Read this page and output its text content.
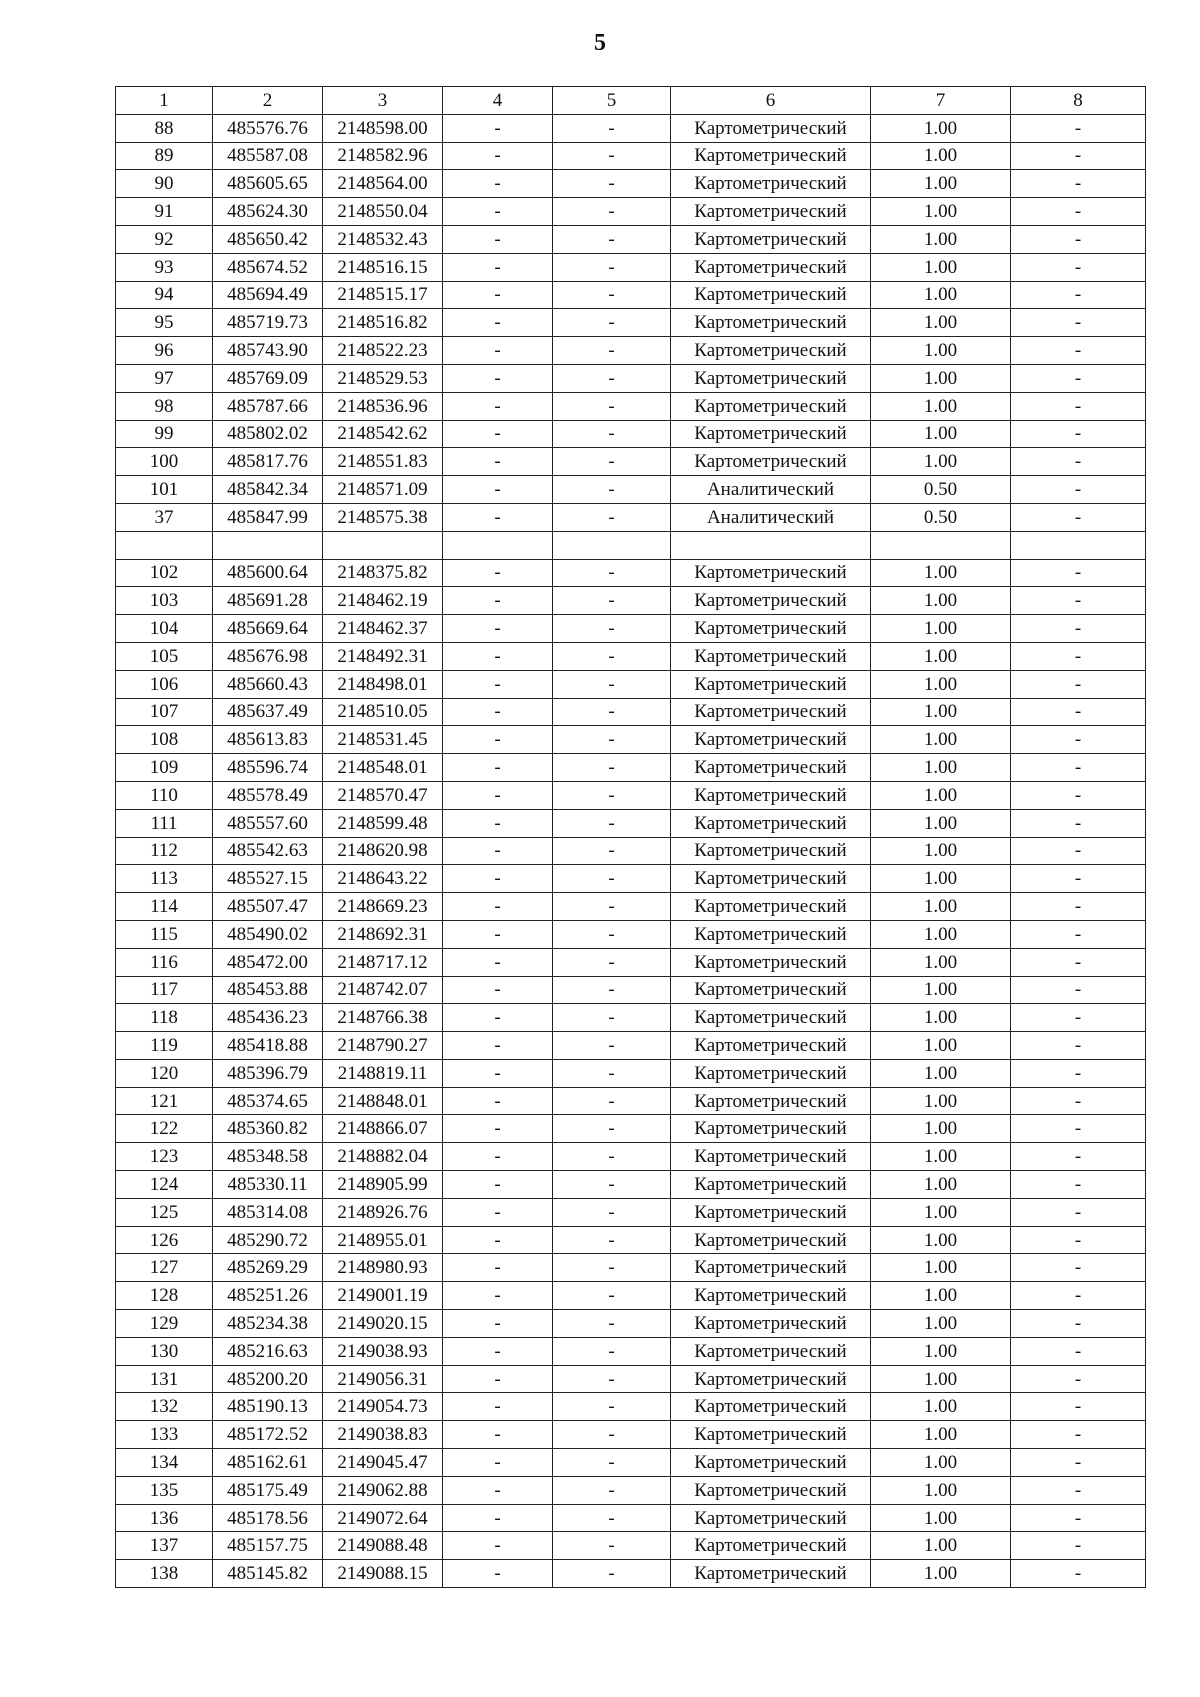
5
1	2	3	4	5	6	7	8
88	485576.76	2148598.00	-	-	Картометрический	1.00	-
89	485587.08	2148582.96	-	-	Картометрический	1.00	-
90	485605.65	2148564.00	-	-	Картометрический	1.00	-
91	485624.30	2148550.04	-	-	Картометрический	1.00	-
92	485650.42	2148532.43	-	-	Картометрический	1.00	-
93	485674.52	2148516.15	-	-	Картометрический	1.00	-
94	485694.49	2148515.17	-	-	Картометрический	1.00	-
95	485719.73	2148516.82	-	-	Картометрический	1.00	-
96	485743.90	2148522.23	-	-	Картометрический	1.00	-
97	485769.09	2148529.53	-	-	Картометрический	1.00	-
98	485787.66	2148536.96	-	-	Картометрический	1.00	-
99	485802.02	2148542.62	-	-	Картометрический	1.00	-
100	485817.76	2148551.83	-	-	Картометрический	1.00	-
101	485842.34	2148571.09	-	-	Аналитический	0.50	-
37	485847.99	2148575.38	-	-	Аналитический	0.50	-

102	485600.64	2148375.82	-	-	Картометрический	1.00	-
103	485691.28	2148462.19	-	-	Картометрический	1.00	-
104	485669.64	2148462.37	-	-	Картометрический	1.00	-
105	485676.98	2148492.31	-	-	Картометрический	1.00	-
106	485660.43	2148498.01	-	-	Картометрический	1.00	-
107	485637.49	2148510.05	-	-	Картометрический	1.00	-
108	485613.83	2148531.45	-	-	Картометрический	1.00	-
109	485596.74	2148548.01	-	-	Картометрический	1.00	-
110	485578.49	2148570.47	-	-	Картометрический	1.00	-
111	485557.60	2148599.48	-	-	Картометрический	1.00	-
112	485542.63	2148620.98	-	-	Картометрический	1.00	-
113	485527.15	2148643.22	-	-	Картометрический	1.00	-
114	485507.47	2148669.23	-	-	Картометрический	1.00	-
115	485490.02	2148692.31	-	-	Картометрический	1.00	-
116	485472.00	2148717.12	-	-	Картометрический	1.00	-
117	485453.88	2148742.07	-	-	Картометрический	1.00	-
118	485436.23	2148766.38	-	-	Картометрический	1.00	-
119	485418.88	2148790.27	-	-	Картометрический	1.00	-
120	485396.79	2148819.11	-	-	Картометрический	1.00	-
121	485374.65	2148848.01	-	-	Картометрический	1.00	-
122	485360.82	2148866.07	-	-	Картометрический	1.00	-
123	485348.58	2148882.04	-	-	Картометрический	1.00	-
124	485330.11	2148905.99	-	-	Картометрический	1.00	-
125	485314.08	2148926.76	-	-	Картометрический	1.00	-
126	485290.72	2148955.01	-	-	Картометрический	1.00	-
127	485269.29	2148980.93	-	-	Картометрический	1.00	-
128	485251.26	2149001.19	-	-	Картометрический	1.00	-
129	485234.38	2149020.15	-	-	Картометрический	1.00	-
130	485216.63	2149038.93	-	-	Картометрический	1.00	-
131	485200.20	2149056.31	-	-	Картометрический	1.00	-
132	485190.13	2149054.73	-	-	Картометрический	1.00	-
133	485172.52	2149038.83	-	-	Картометрический	1.00	-
134	485162.61	2149045.47	-	-	Картометрический	1.00	-
135	485175.49	2149062.88	-	-	Картометрический	1.00	-
136	485178.56	2149072.64	-	-	Картометрический	1.00	-
137	485157.75	2149088.48	-	-	Картометрический	1.00	-
138	485145.82	2149088.15	-	-	Картометрический	1.00	-
